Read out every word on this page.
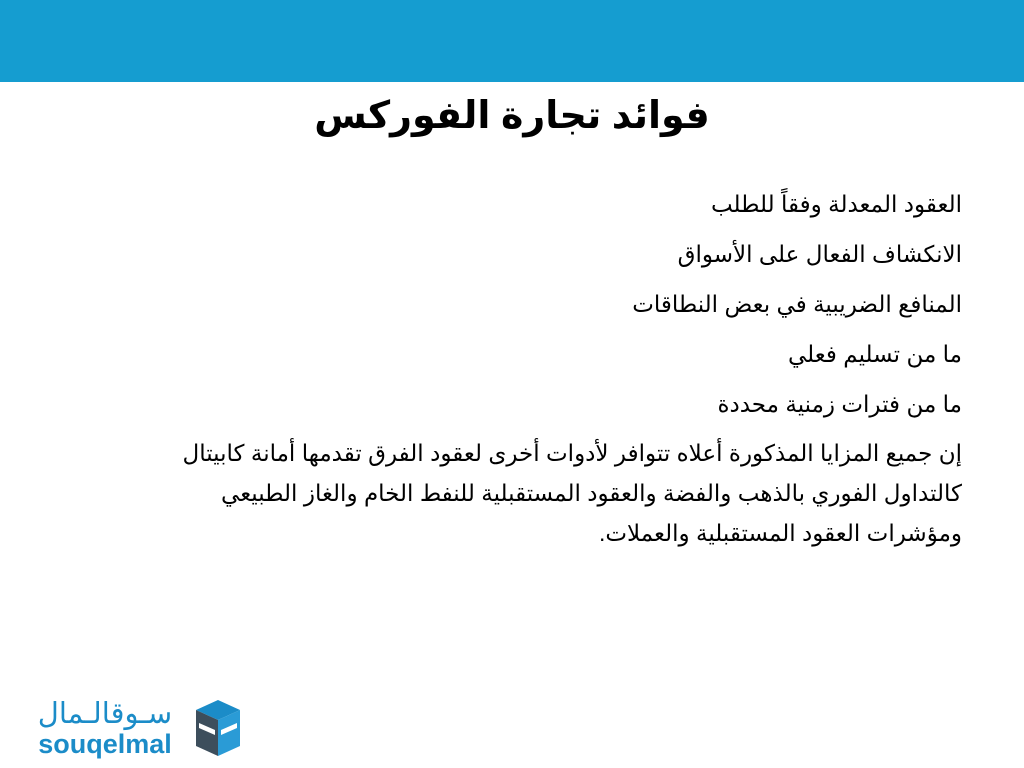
فوائد تجارة الفوركس

العقود المعدلة وفقاً للطلب

الانكشاف الفعال على الأسواق

المنافع الضريبية في بعض النطاقات

ما من تسليم فعلي

ما من فترات زمنية محددة

إن جميع المزايا المذكورة أعلاه تتوافر لأدوات أخرى لعقود الفرق تقدمها أمانة كابيتال كالتداول الفوري بالذهب والفضة والعقود المستقبلية للنفط الخام والغاز الطبيعي ومؤشرات العقود المستقبلية والعملات.

سـوقالـمال
souqelmal
